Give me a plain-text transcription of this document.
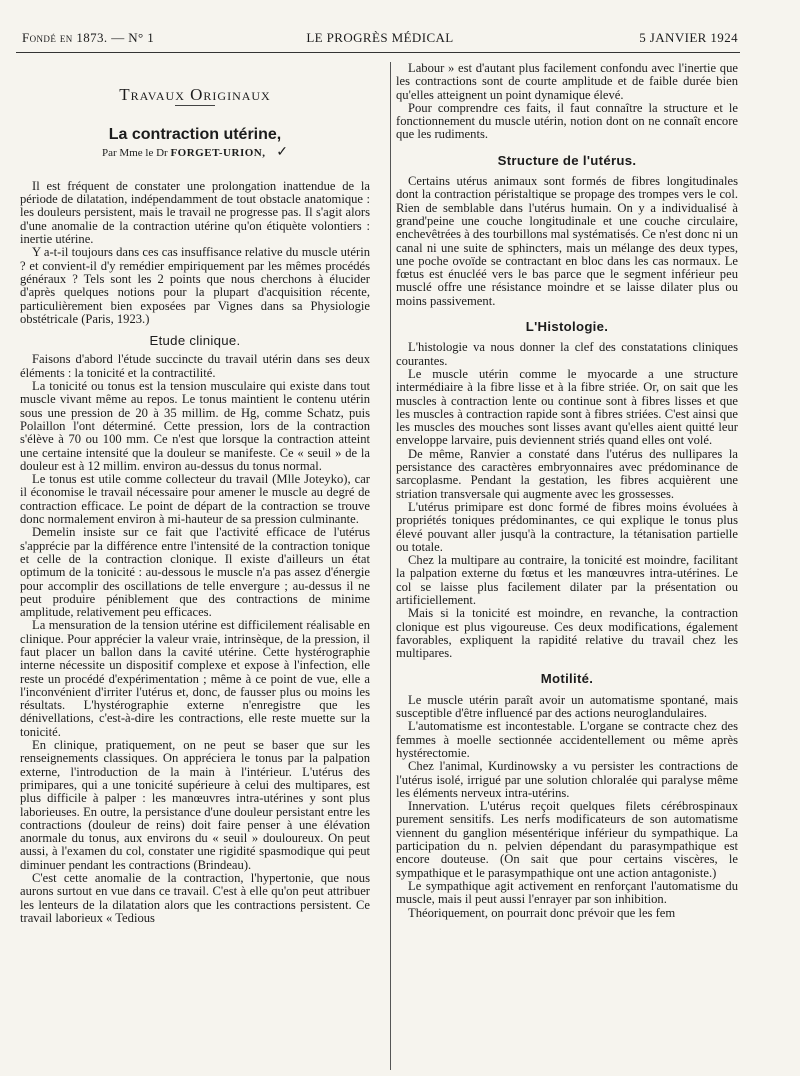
Fondé en 1873. — N° 1	LE PROGRÈS MÉDICAL	5 JANVIER 1924
Travaux Originaux
La contraction utérine,
Par Mme le Dr FORGET-URION, ✓

Il est fréquent de constater une prolongation inattendue de la période de dilatation, indépendamment de tout obstacle anatomique : les douleurs persistent, mais le travail ne progresse pas. Il s'agit alors d'une anomalie de la contraction utérine qu'on étiquète volontiers : inertie utérine.

Y a-t-il toujours dans ces cas insuffisance relative du muscle utérin ? et convient-il d'y remédier empiriquement par les mêmes procédés généraux ? Tels sont les 2 points que nous cherchons à élucider d'après quelques notions pour la plupart d'acquisition récente, particulièrement bien exposées par Vignes dans sa Physiologie obstétricale (Paris, 1923.)

Etude clinique.

Faisons d'abord l'étude succincte du travail utérin dans ses deux éléments : la tonicité et la contractilité.

La tonicité ou tonus est la tension musculaire qui existe dans tout muscle vivant même au repos. Le tonus maintient le contenu utérin sous une pression de 20 à 35 millim. de Hg, comme Schatz, puis Polaillon l'ont déterminé. Cette pression, lors de la contraction s'élève à 70 ou 100 mm. Ce n'est que lorsque la contraction atteint une certaine intensité que la douleur se manifeste. Ce « seuil » de la douleur est à 12 millim. environ au-dessus du tonus normal.

Le tonus est utile comme collecteur du travail (Mlle Joteyko), car il économise le travail nécessaire pour amener le muscle au degré de contraction efficace. Le point de départ de la contraction se trouve donc normalement environ à mi-hauteur de sa pression culminante.

Demelin insiste sur ce fait que l'activité efficace de l'utérus s'apprécie par la différence entre l'intensité de la contraction tonique et celle de la contraction clonique. Il existe d'ailleurs un état optimum de la tonicité : au-dessous le muscle n'a pas assez d'énergie pour accomplir des oscillations de telle envergure ; au-dessus il ne peut produire péniblement que des contractions de minime amplitude, relativement peu efficaces.

La mensuration de la tension utérine est difficilement réalisable en clinique. Pour apprécier la valeur vraie, intrinsèque, de la pression, il faut placer un ballon dans la cavité utérine. Cette hystérographie interne nécessite un dispositif complexe et expose à l'infection, elle reste un procédé d'expérimentation ; même à ce point de vue, elle a l'inconvénient d'irriter l'utérus et, donc, de fausser plus ou moins les résultats. L'hystérographie externe n'enregistre que les dénivellations, c'est-à-dire les contractions, elle reste muette sur la tonicité.

En clinique, pratiquement, on ne peut se baser que sur les renseignements classiques. On appréciera le tonus par la palpation externe, l'introduction de la main à l'intérieur. L'utérus des primipares, qui a une tonicité supérieure à celui des multipares, est plus difficile à palper : les manœuvres intra-utérines y sont plus laborieuses. En outre, la persistance d'une douleur persistant entre les contractions (douleur de reins) doit faire penser à une élévation anormale du tonus, aux environs du « seuil » douloureux. On peut aussi, à l'examen du col, constater une rigidité spasmodique qui peut diminuer pendant les contractions (Brindeau).

C'est cette anomalie de la contraction, l'hypertonie, que nous aurons surtout en vue dans ce travail. C'est à elle qu'on peut attribuer les lenteurs de la dilatation alors que les contractions persistent. Ce travail laborieux « Tedious

Labour » est d'autant plus facilement confondu avec l'inertie que les contractions sont de courte amplitude et de faible durée bien qu'elles atteignent un point dynamique élevé.

Pour comprendre ces faits, il faut connaître la structure et le fonctionnement du muscle utérin, notion dont on ne connaît encore que les rudiments.

Structure de l'utérus.

Certains utérus animaux sont formés de fibres longitudinales dont la contraction péristaltique se propage des trompes vers le col. Rien de semblable dans l'utérus humain. On y a individualisé à grand'peine une couche longitudinale et une couche circulaire, enchevêtrées à des tourbillons mal systématisés. Ce n'est donc ni un canal ni une suite de sphincters, mais un mélange des deux types, une poche ovoïde se contractant en bloc dans les cas normaux. Le fœtus est énucléé vers le bas parce que le segment inférieur peu musclé offre une résistance moindre et se laisse dilater plus ou moins passivement.

L'Histologie.

L'histologie va nous donner la clef des constatations cliniques courantes.

Le muscle utérin comme le myocarde a une structure intermédiaire à la fibre lisse et à la fibre striée. Or, on sait que les muscles à contraction lente ou continue sont à fibres lisses et que les muscles à contraction rapide sont à fibres striées. C'est ainsi que les muscles des mouches sont lisses avant qu'elles aient quitté leur enveloppe larvaire, puis deviennent striés quand elles ont volé.

De même, Ranvier a constaté dans l'utérus des nullipares la persistance des caractères embryonnaires avec prédominance de sarcoplasme. Pendant la gestation, les fibres acquièrent une striation transversale qui augmente avec les grossesses.

L'utérus primipare est donc formé de fibres moins évoluées à propriétés toniques prédominantes, ce qui explique le tonus plus élevé pouvant aller jusqu'à la contracture, la tétanisation partielle ou totale.

Chez la multipare au contraire, la tonicité est moindre, facilitant la palpation externe du fœtus et les manœuvres intra-utérines. Le col se laisse plus facilement dilater par la présentation ou artificiellement.

Mais si la tonicité est moindre, en revanche, la contraction clonique est plus vigoureuse. Ces deux modifications, également favorables, expliquent la rapidité relative du travail chez les multipares.

Motilité.

Le muscle utérin paraît avoir un automatisme spontané, mais susceptible d'être influencé par des actions neuroglandulaires.

L'automatisme est incontestable. L'organe se contracte chez des femmes à moelle sectionnée accidentellement ou même après hystérectomie.

Chez l'animal, Kurdinowsky a vu persister les contractions de l'utérus isolé, irrigué par une solution chloralée qui paralyse même les éléments nerveux intra-utérins.

Innervation. L'utérus reçoit quelques filets cérébrospinaux purement sensitifs. Les nerfs modificateurs de son automatisme viennent du ganglion mésentérique inférieur du sympathique. La participation du n. pelvien dépendant du parasympathique est encore douteuse. (On sait que pour certains viscères, le sympathique et le parasympathique ont une action antagoniste.)

Le sympathique agit activement en renforçant l'automatisme du muscle, mais il peut aussi l'enrayer par son inhibition.

Théoriquement, on pourrait donc prévoir que les fem
